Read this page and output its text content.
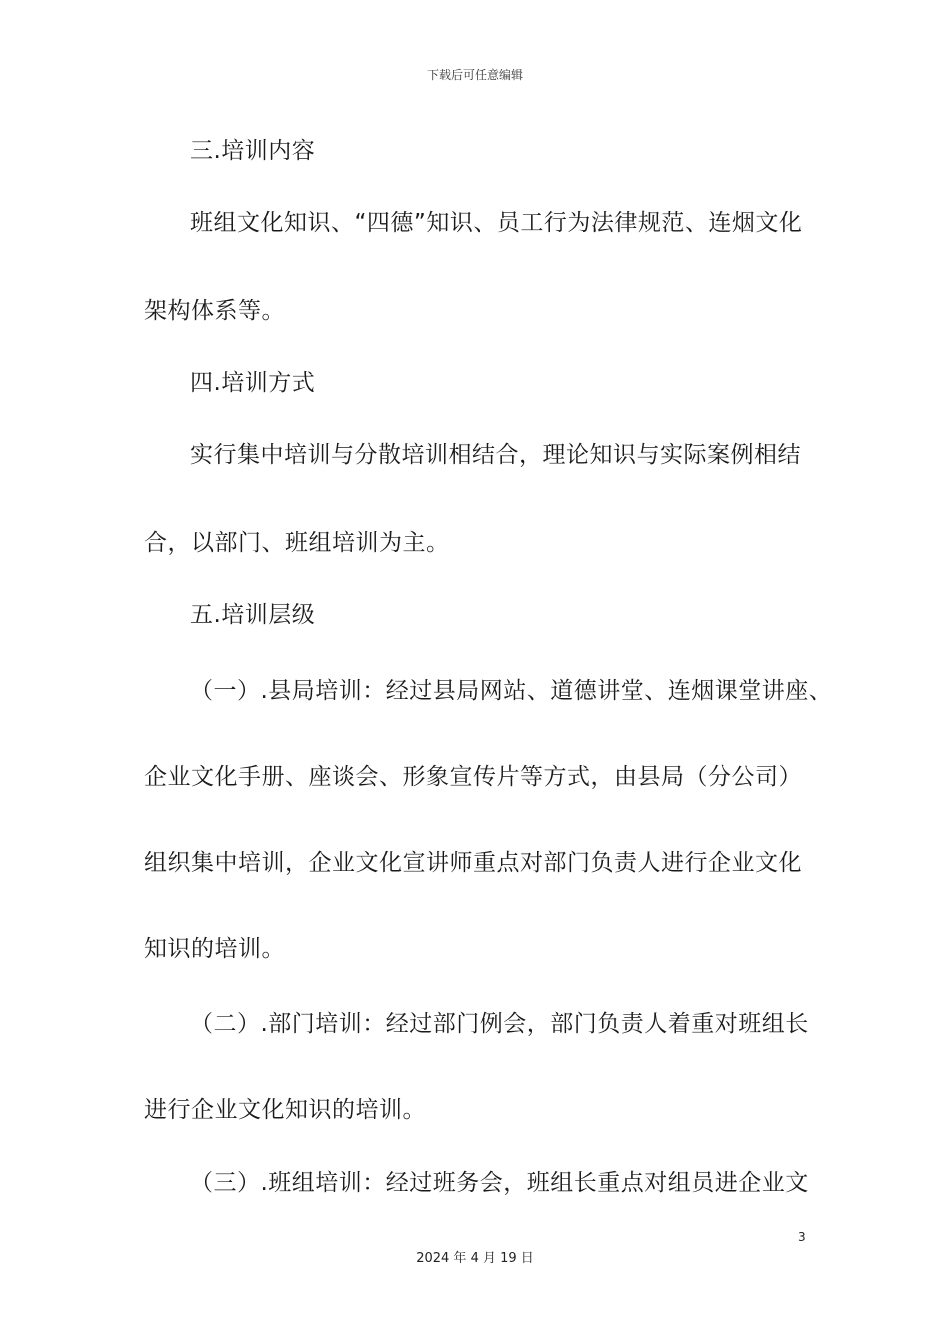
下载后可任意编辑
三.培训内容
班组文化知识、“四德”知识、员工行为法律规范、连烟文化
架构体系等。
四.培训方式
实行集中培训与分散培训相结合，理论知识与实际案例相结
合，以部门、班组培训为主。
五.培训层级
（一）.县局培训：经过县局网站、道德讲堂、连烟课堂讲座、
企业文化手册、座谈会、形象宣传片等方式，由县局（分公司）
组织集中培训，企业文化宣讲师重点对部门负责人进行企业文化
知识的培训。
（二）.部门培训：经过部门例会，部门负责人着重对班组长
进行企业文化知识的培训。
（三）.班组培训：经过班务会，班组长重点对组员进企业文
3
2024 年 4 月 19 日
